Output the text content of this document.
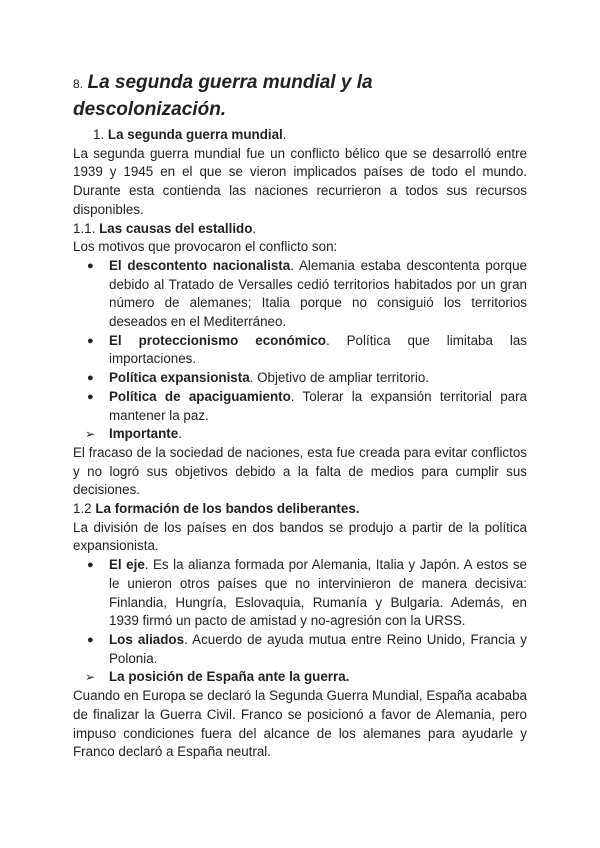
8. La segunda guerra mundial y la descolonización.

1. La segunda guerra mundial.

La segunda guerra mundial fue un conflicto bélico que se desarrolló entre 1939 y 1945 en el que se vieron implicados países de todo el mundo. Durante esta contienda las naciones recurrieron a todos sus recursos disponibles.

1.1. Las causas del estallido.

Los motivos que provocaron el conflicto son:

● El descontento nacionalista. Alemania estaba descontenta porque debido al Tratado de Versalles cedió territorios habitados por un gran número de alemanes; Italia porque no consiguió los territorios deseados en el Mediterráneo.
● El proteccionismo económico. Política que limitaba las importaciones.
● Política expansionista. Objetivo de ampliar territorio.
● Política de apaciguamiento. Tolerar la expansión territorial para mantener la paz.

➢ Importante.

El fracaso de la sociedad de naciones, esta fue creada para evitar conflictos y no logró sus objetivos debido a la falta de medios para cumplir sus decisiones.

1.2 La formación de los bandos deliberantes.

La división de los países en dos bandos se produjo a partir de la política expansionista.

● El eje. Es la alianza formada por Alemania, Italia y Japón. A estos se le unieron otros países que no intervinieron de manera decisiva: Finlandia, Hungría, Eslovaquia, Rumanía y Bulgaria. Además, en 1939 firmó un pacto de amistad y no-agresión con la URSS.
● Los aliados. Acuerdo de ayuda mutua entre Reino Unido, Francia y Polonia.

➢ La posición de España ante la guerra.

Cuando en Europa se declaró la Segunda Guerra Mundial, España acababa de finalizar la Guerra Civil. Franco se posicionó a favor de Alemania, pero impuso condiciones fuera del alcance de los alemanes para ayudarle y Franco declaró a España neutral.
